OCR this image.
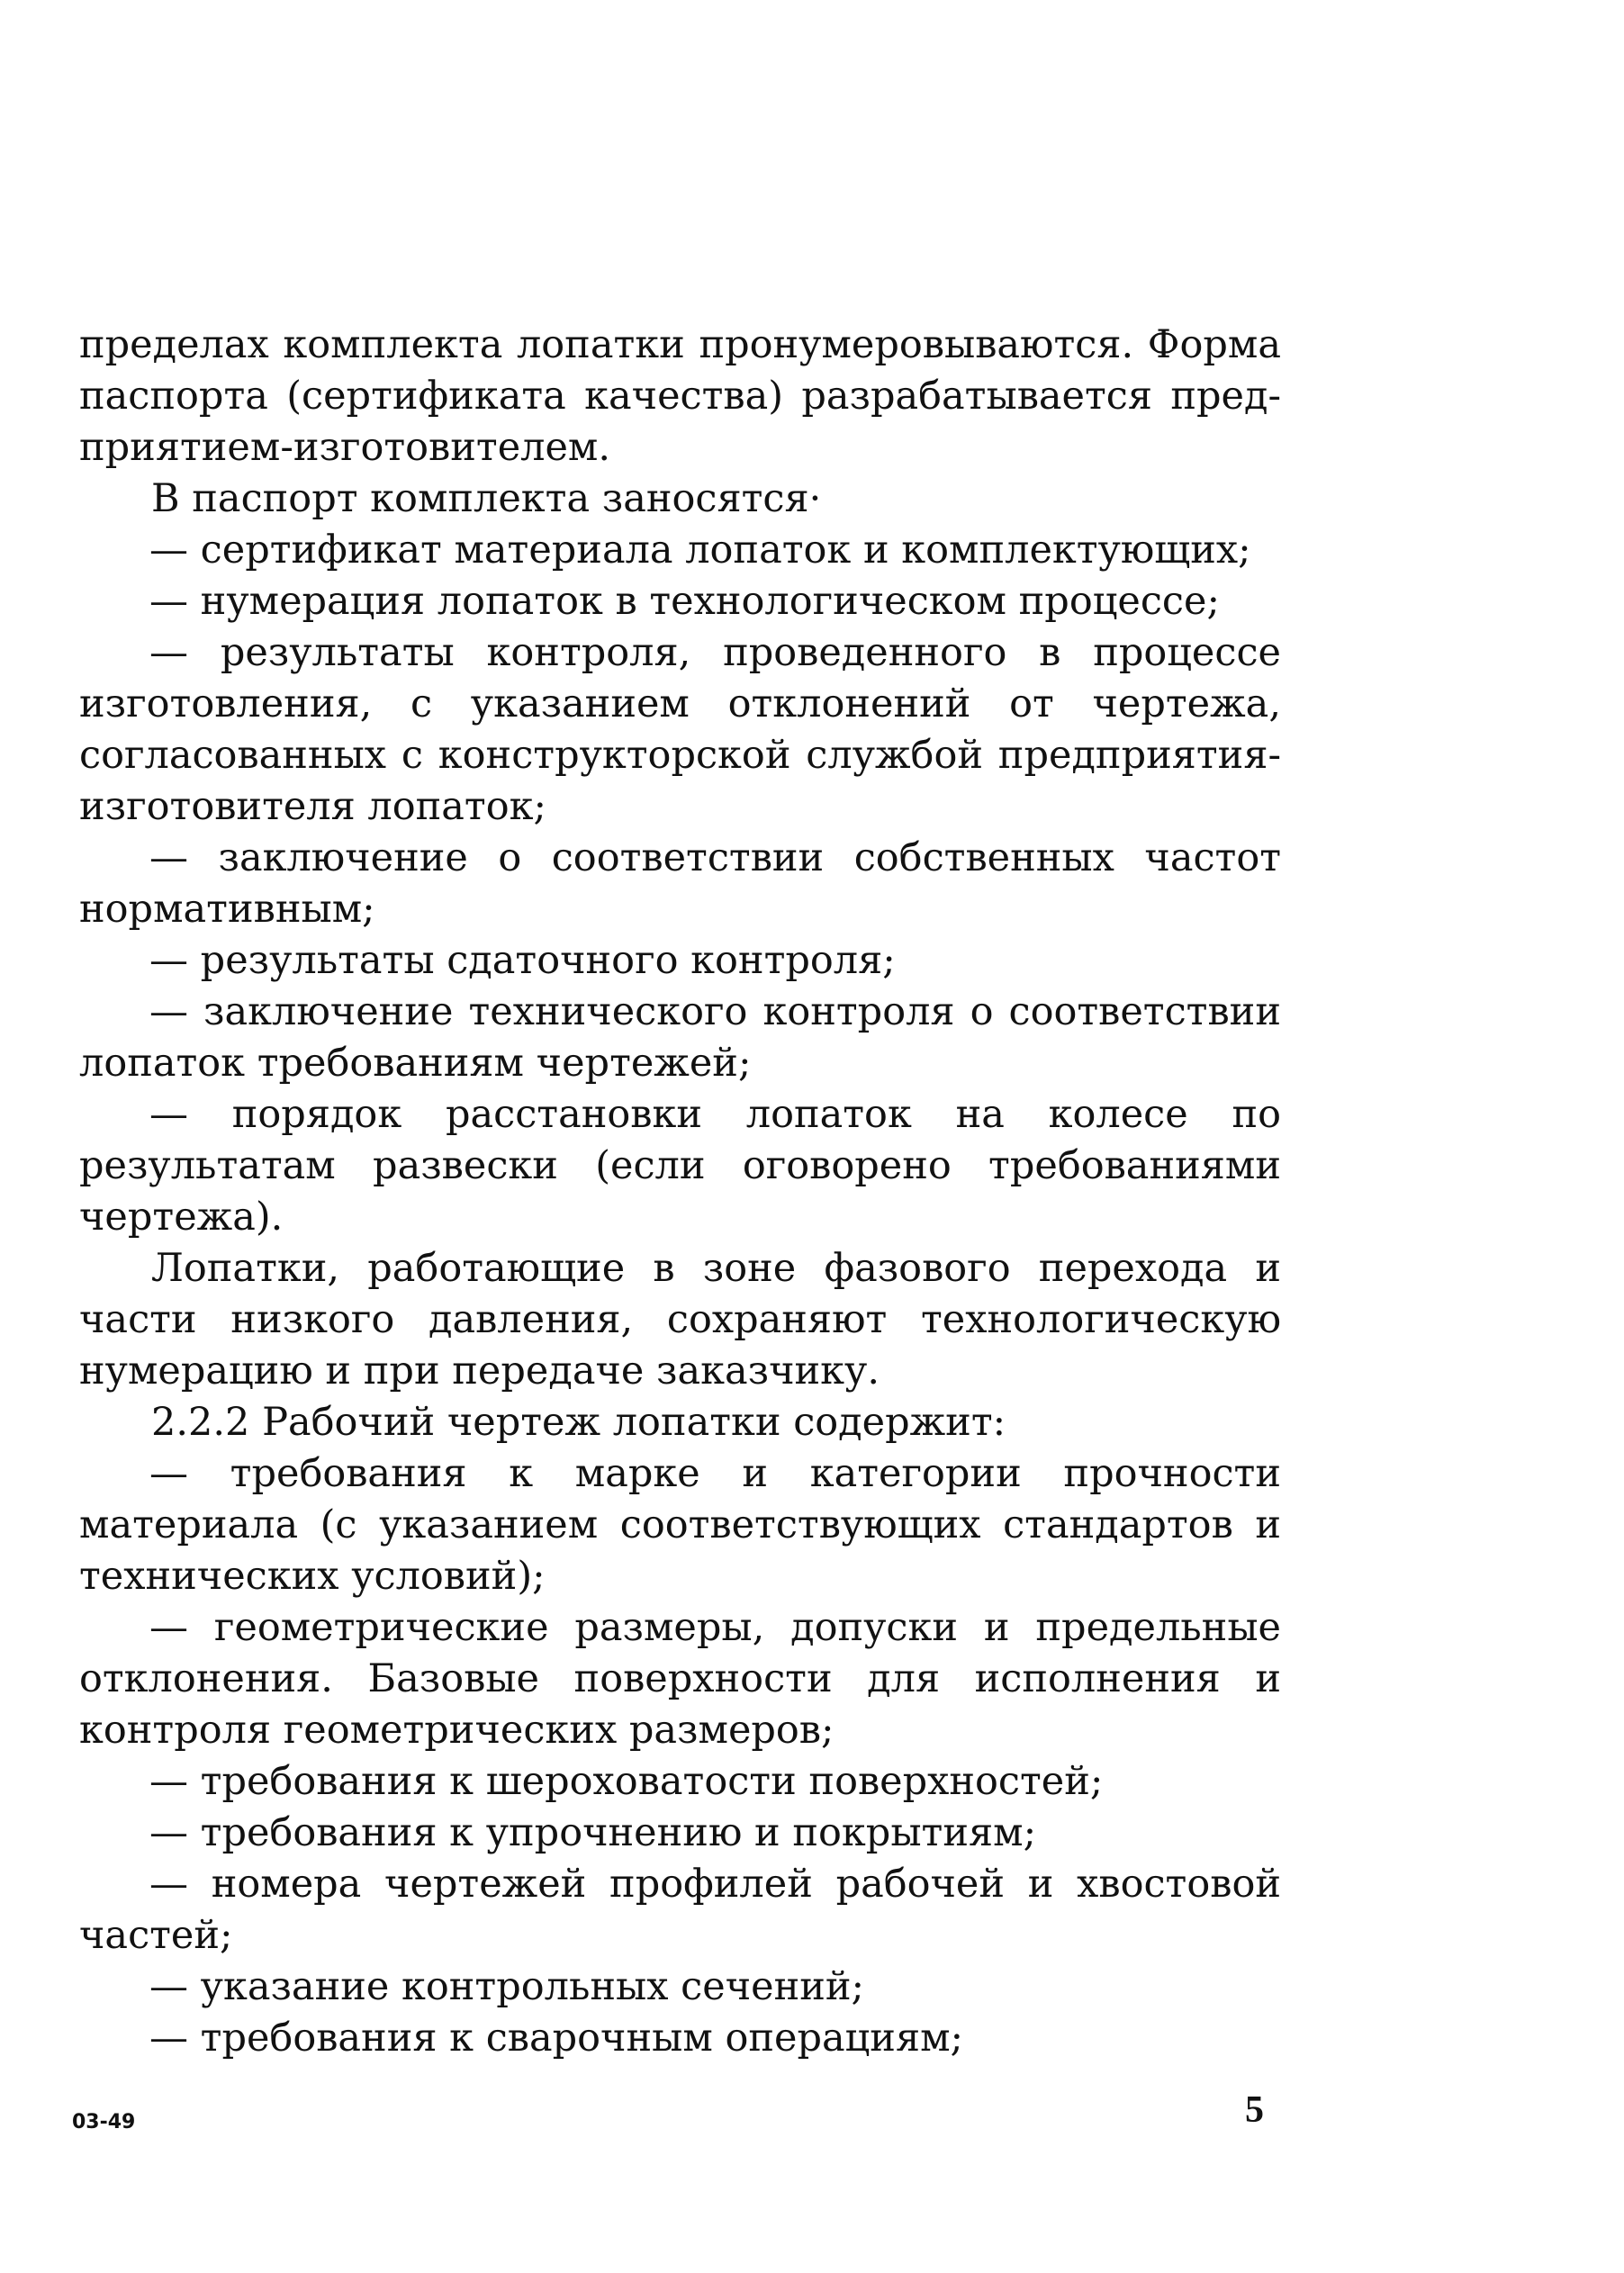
пределах комплекта лопатки пронумеровываются. Форма
паспорта (сертификата качества) разрабатывается пред-
приятием-изготовителем.
В паспорт комплекта заносятся·
— сертификат материала лопаток и комплектующих;
— нумерация лопаток в технологическом процессе;
— результаты контроля, проведенного в процессе
изготовления, с указанием отклонений от чертежа,
согласованных с конструкторской службой предприятия-
изготовителя лопаток;
— заключение о соответствии собственных частот
нормативным;
— результаты сдаточного контроля;
— заключение технического контроля о соответствии
лопаток требованиям чертежей;
— порядок расстановки лопаток на колесе по
результатам развески (если оговорено требованиями
чертежа).
Лопатки, работающие в зоне фазового перехода и
части низкого давления, сохраняют технологическую
нумерацию и при передаче заказчику.
2.2.2 Рабочий чертеж лопатки содержит:
— требования к марке и категории прочности
материала (с указанием соответствующих стандартов и
технических условий);
— геометрические размеры, допуски и предельные
отклонения. Базовые поверхности для исполнения и
контроля геометрических размеров;
— требования к шероховатости поверхностей;
— требования к упрочнению и покрытиям;
— номера чертежей профилей рабочей и хвостовой
частей;
— указание контрольных сечений;
— требования к сварочным операциям;
03-49	5
